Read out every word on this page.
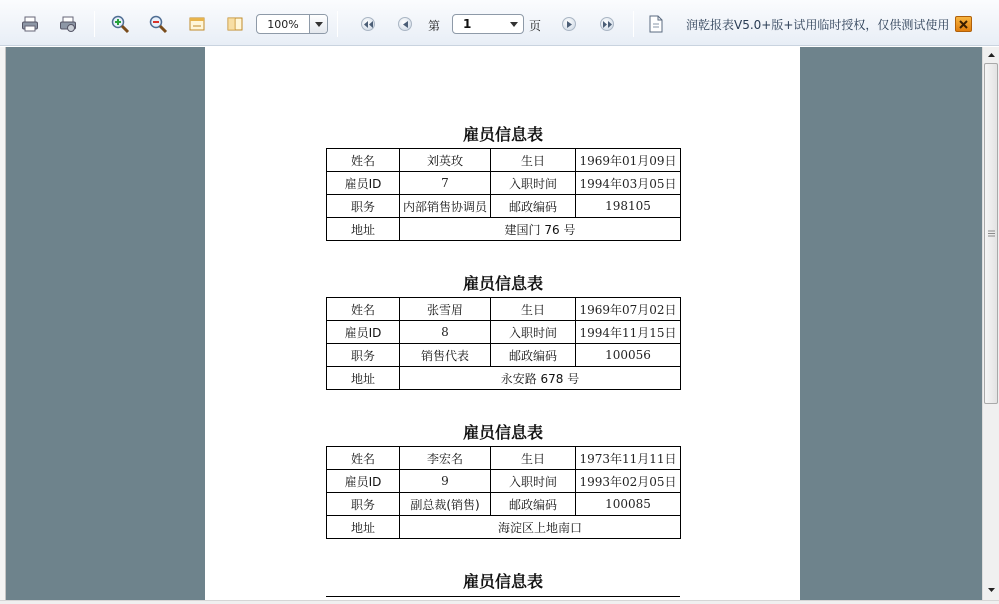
100%	第	1	页	润乾报表V5.0+版+试用临时授权，仅供测试使用
雇员信息表
姓名	刘英玫	生日	1969年01月09日
雇员ID	7	入职时间	1994年03月05日
职务	内部销售协调员	邮政编码	198105
地址	建国门 76 号		
雇员信息表
姓名	张雪眉	生日	1969年07月02日
雇员ID	8	入职时间	1994年11月15日
职务	销售代表	邮政编码	100056
地址	永安路 678 号		
雇员信息表
姓名	李宏名	生日	1973年11月11日
雇员ID	9	入职时间	1993年02月05日
职务	副总裁(销售)	邮政编码	100085
地址	海淀区上地南口		
雇员信息表
